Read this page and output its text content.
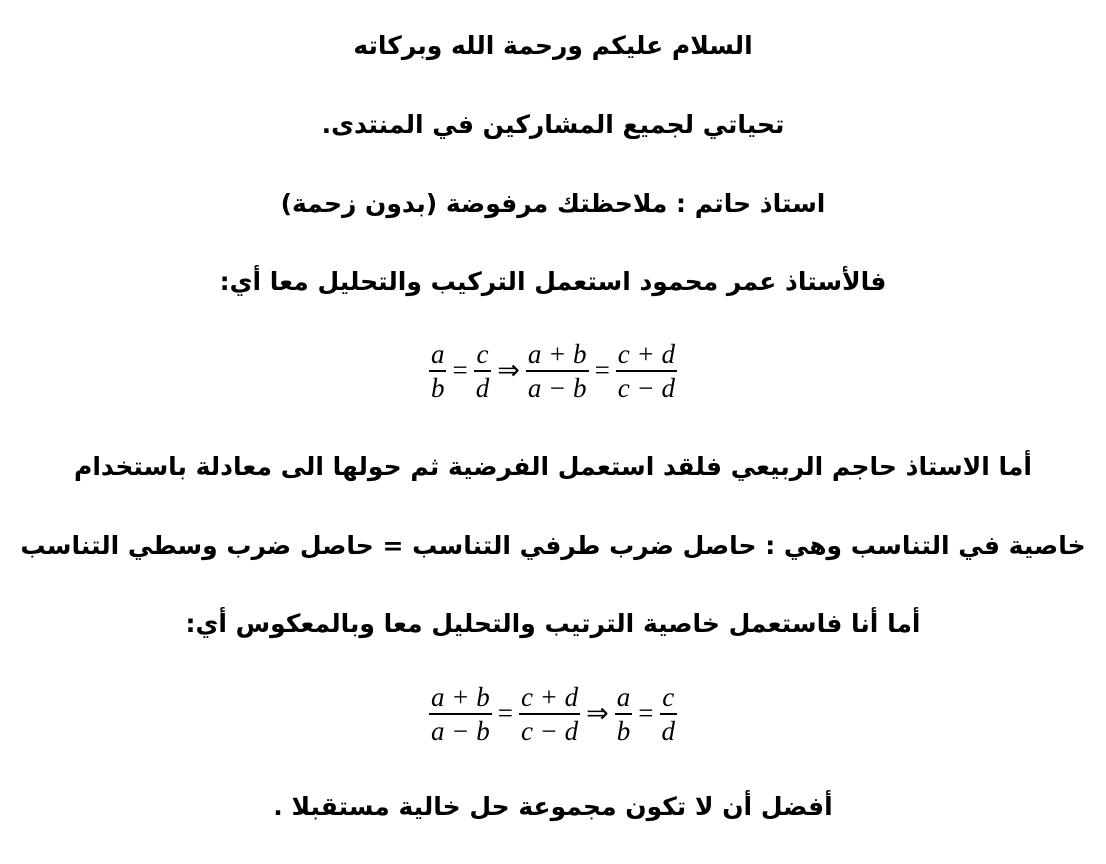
السلام عليكم ورحمة الله وبركاته
تحياتي لجميع المشاركين في المنتدى.
استاذ حاتم : ملاحظتك مرفوضة (بدون زحمة)
فالأستاذ عمر محمود استعمل التركيب والتحليل معا أي:
$\frac{a}{b} = \frac{c}{d}$ ⇒ $\frac{a + b}{a - b} = \frac{c + d}{c - d}$
أما الاستاذ حاجم الربيعي فلقد استعمل الفرضية ثم حولها الى معادلة باستخدام
خاصية في التناسب وهي : حاصل ضرب طرفي التناسب = حاصل ضرب وسطي التناسب
أما أنا فاستعمل خاصية الترتيب والتحليل معا وبالمعكوس أي:
$\frac{a + b}{a - b} = \frac{c + d}{c - d}$ ⇒ $\frac{a}{b} = \frac{c}{d}$
أفضل أن لا تكون مجموعة حل خالية مستقبلا .
